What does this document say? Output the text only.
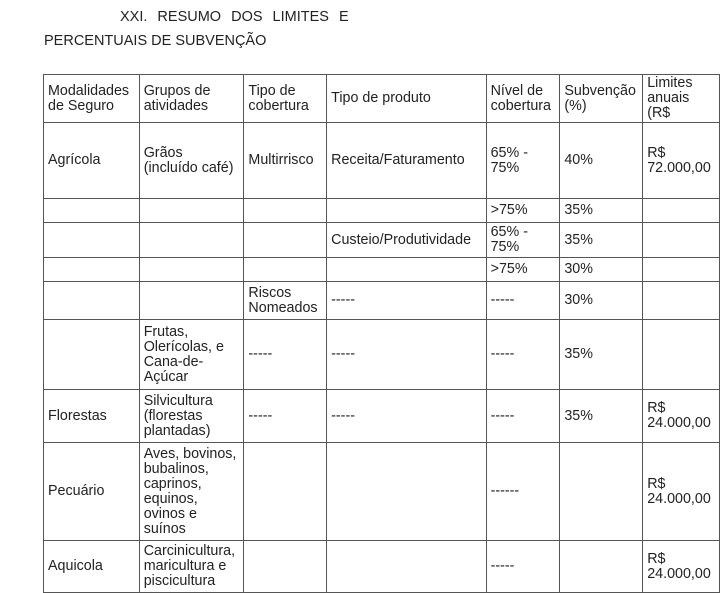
XXI. RESUMO DOS LIMITES E
PERCENTUAIS DE SUBVENÇÃO
Modalidades de Seguro	Grupos de atividades	Tipo de cobertura	Tipo de produto	Nível de cobertura	Subvenção (%)	Limites anuais (R$
Agrícola	Grãos (incluído café)	Multirrisco	Receita/Faturamento	65% - 75%	40%	R$ 72.000,00
				>75%	35%	
			Custeio/Produtividade	65% - 75%	35%	
				>75%	30%	
		Riscos Nomeados	-----	-----	30%	
	Frutas, Olerícolas, e Cana-de-Açúcar	-----	-----	-----	35%	
Florestas	Silvicultura (florestas plantadas)	-----	-----	-----	35%	R$ 24.000,00
Pecuário	Aves, bovinos, bubalinos, caprinos, equinos, ovinos e suínos			------		R$ 24.000,00
Aquicola	Carcinicultura, maricultura e piscicultura			-----		R$ 24.000,00
